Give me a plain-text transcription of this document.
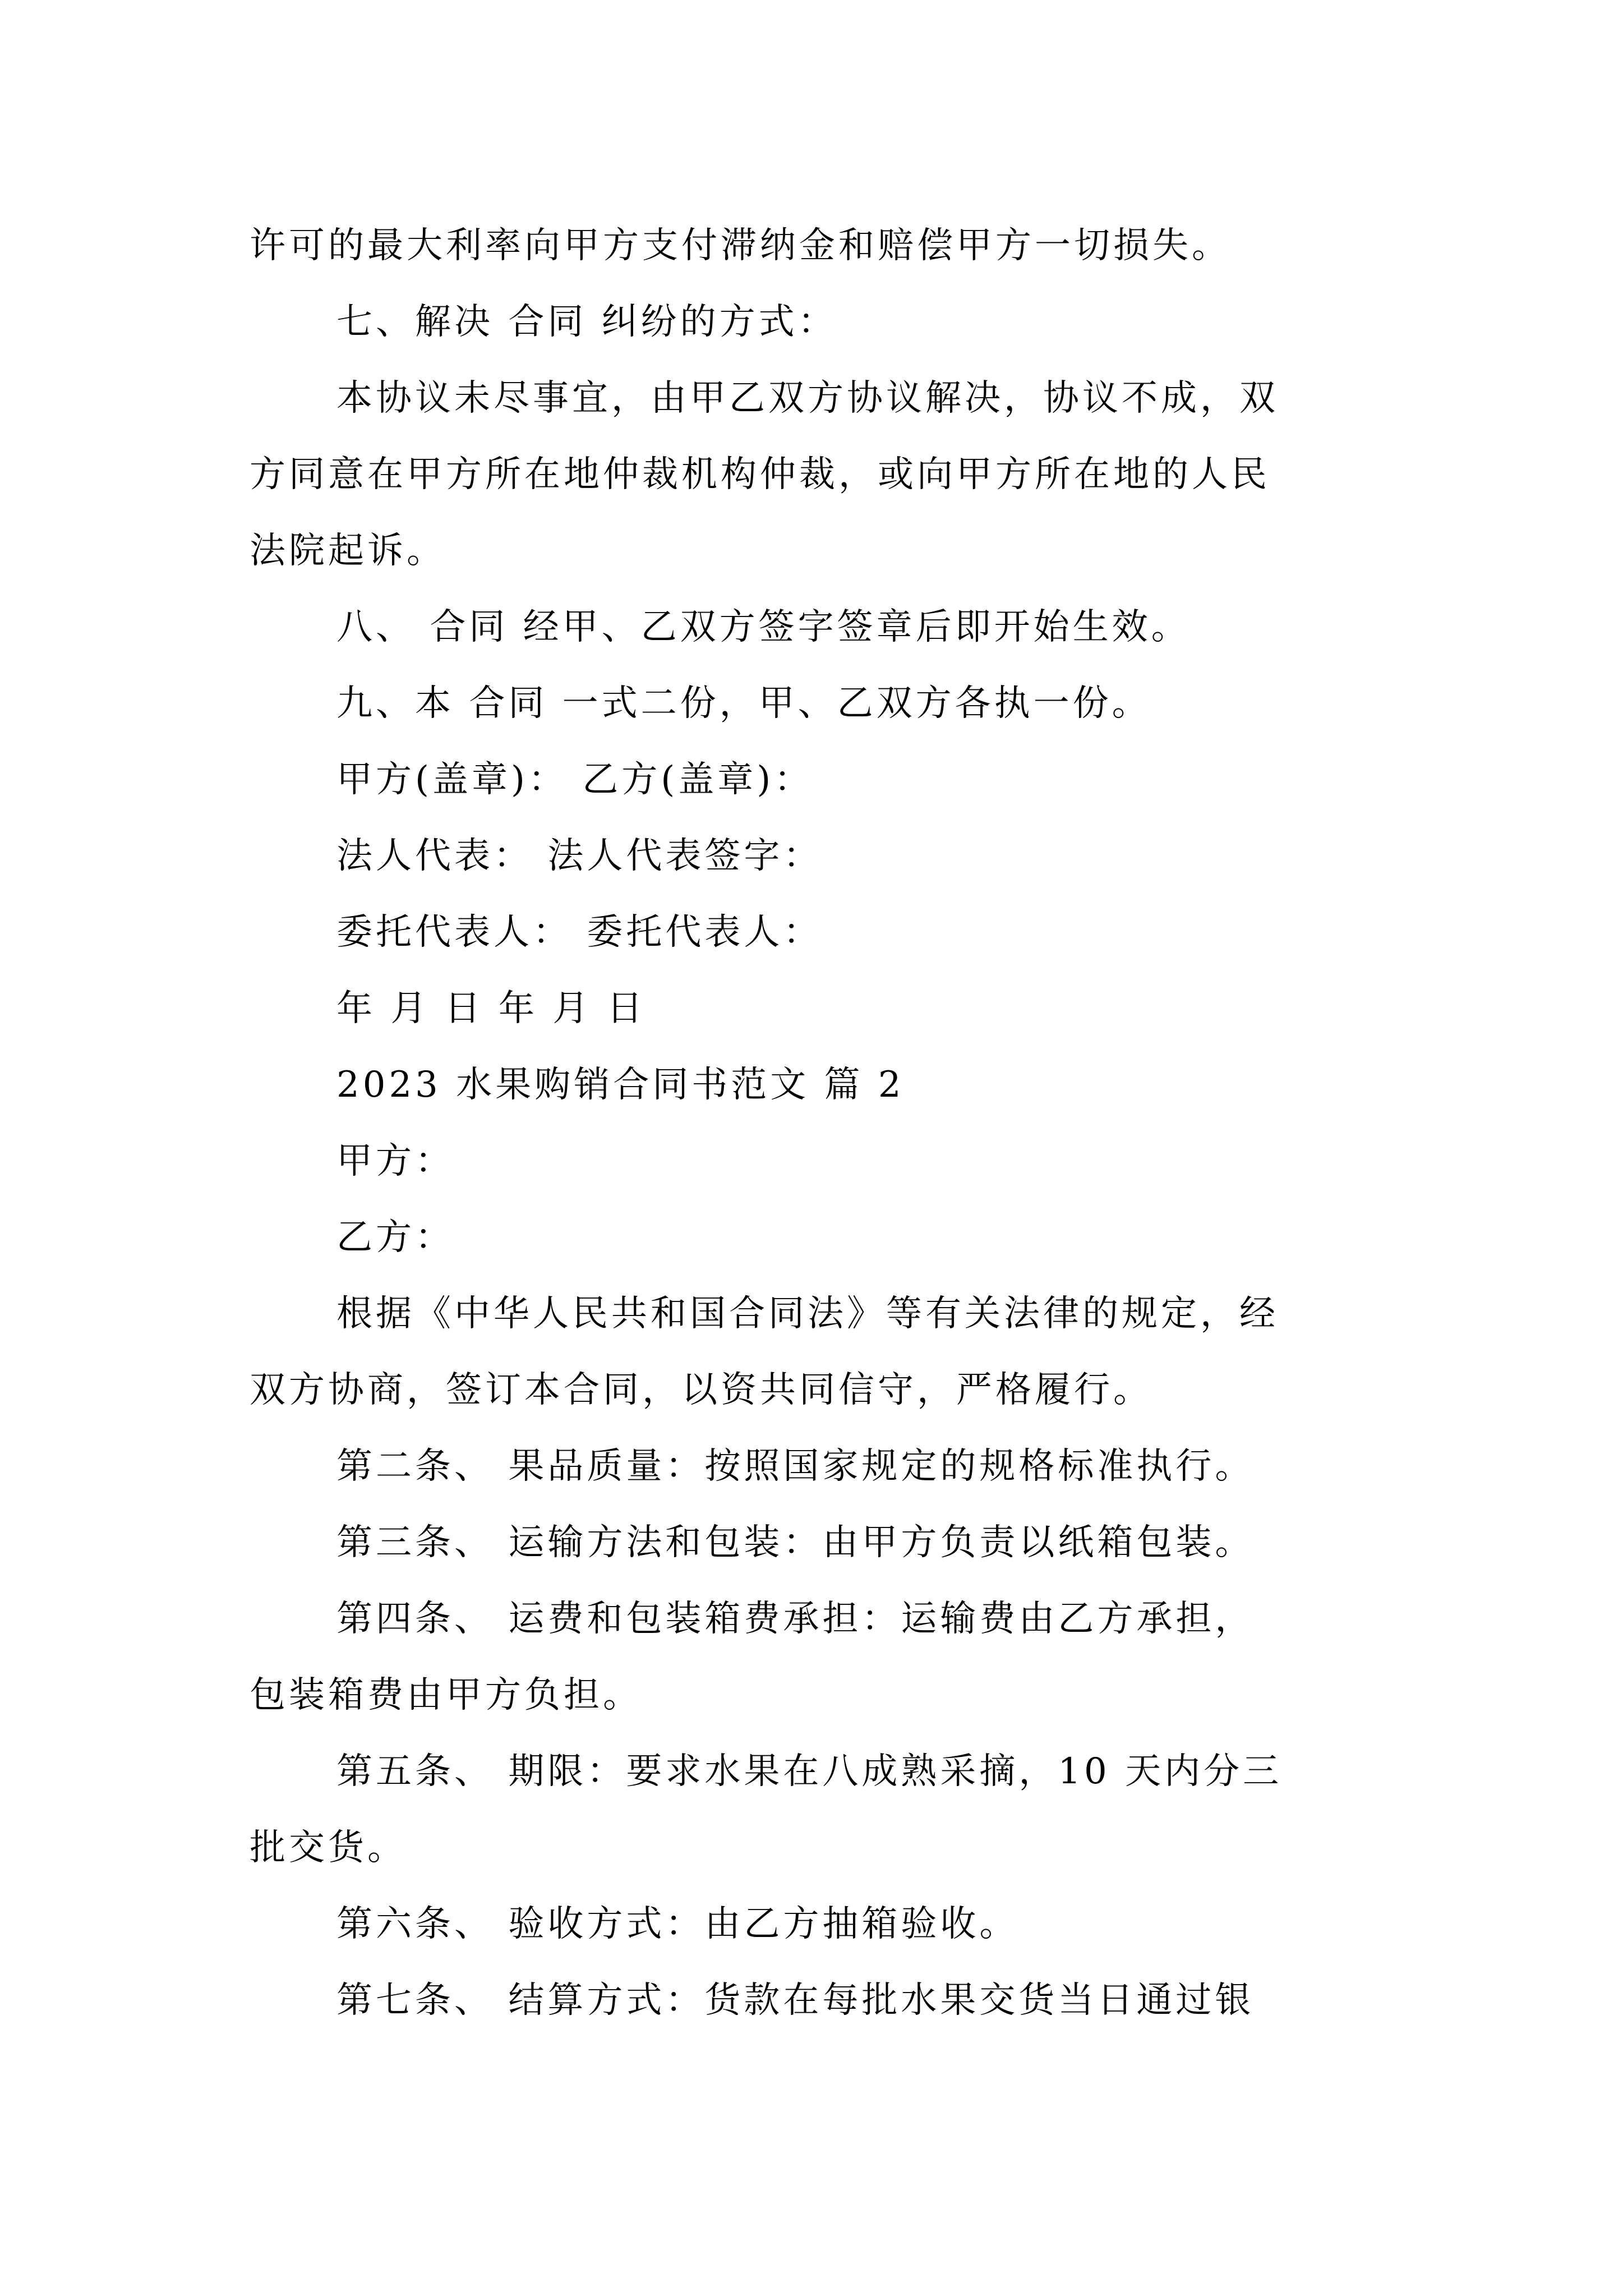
许可的最大利率向甲方支付滞纳金和赔偿甲方一切损失。
七、解决 合同 纠纷的方式：
本协议未尽事宜，由甲乙双方协议解决，协议不成，双
方同意在甲方所在地仲裁机构仲裁，或向甲方所在地的人民
法院起诉。
八、 合同 经甲、乙双方签字签章后即开始生效。
九、本 合同 一式二份，甲、乙双方各执一份。
甲方(盖章)： 乙方(盖章)：
法人代表： 法人代表签字：
委托代表人： 委托代表人：
年 月 日 年 月 日
2023 水果购销合同书范文 篇 2
甲方：
乙方：
根据《中华人民共和国合同法》等有关法律的规定，经
双方协商，签订本合同，以资共同信守，严格履行。
第二条、 果品质量：按照国家规定的规格标准执行。
第三条、 运输方法和包装：由甲方负责以纸箱包装。
第四条、 运费和包装箱费承担：运输费由乙方承担，
包装箱费由甲方负担。
第五条、 期限：要求水果在八成熟采摘，10 天内分三
批交货。
第六条、 验收方式：由乙方抽箱验收。
第七条、 结算方式：货款在每批水果交货当日通过银
